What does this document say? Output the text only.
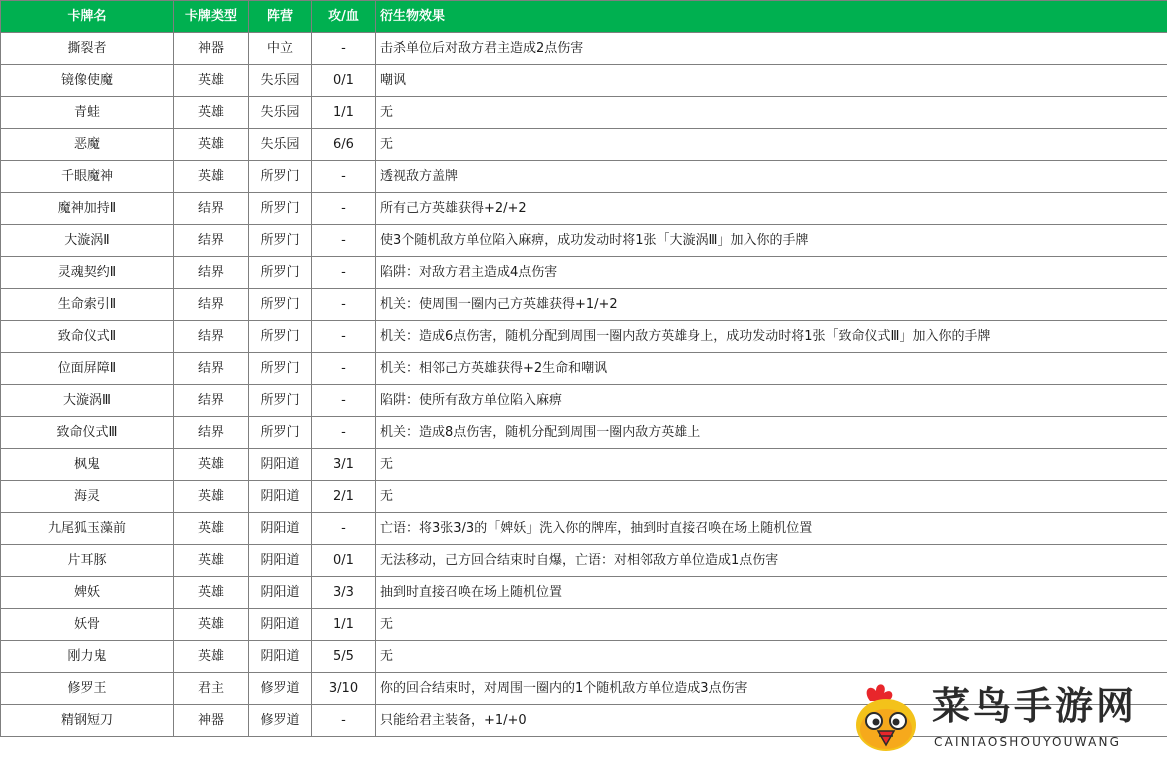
卡牌名	卡牌类型	阵营	攻/血	衍生物效果
撕裂者	神器	中立	-	击杀单位后对敌方君主造成2点伤害
镜像使魔	英雄	失乐园	0/1	嘲讽
青蛙	英雄	失乐园	1/1	无
恶魔	英雄	失乐园	6/6	无
千眼魔神	英雄	所罗门	-	透视敌方盖牌
魔神加持Ⅱ	结界	所罗门	-	所有己方英雄获得+2/+2
大漩涡Ⅱ	结界	所罗门	-	使3个随机敌方单位陷入麻痹，成功发动时将1张「大漩涡Ⅲ」加入你的手牌
灵魂契约Ⅱ	结界	所罗门	-	陷阱：对敌方君主造成4点伤害
生命索引Ⅱ	结界	所罗门	-	机关：使周围一圈内己方英雄获得+1/+2
致命仪式Ⅱ	结界	所罗门	-	机关：造成6点伤害，随机分配到周围一圈内敌方英雄身上，成功发动时将1张「致命仪式Ⅲ」加入你的手牌
位面屏障Ⅱ	结界	所罗门	-	机关：相邻己方英雄获得+2生命和嘲讽
大漩涡Ⅲ	结界	所罗门	-	陷阱：使所有敌方单位陷入麻痹
致命仪式Ⅲ	结界	所罗门	-	机关：造成8点伤害，随机分配到周围一圈内敌方英雄上
枫鬼	英雄	阴阳道	3/1	无
海灵	英雄	阴阳道	2/1	无
九尾狐玉藻前	英雄	阴阳道	-	亡语：将3张3/3的「婢妖」洗入你的牌库，抽到时直接召唤在场上随机位置
片耳豚	英雄	阴阳道	0/1	无法移动，己方回合结束时自爆，亡语：对相邻敌方单位造成1点伤害
婢妖	英雄	阴阳道	3/3	抽到时直接召唤在场上随机位置
妖骨	英雄	阴阳道	1/1	无
刚力鬼	英雄	阴阳道	5/5	无
修罗王	君主	修罗道	3/10	你的回合结束时，对周围一圈内的1个随机敌方单位造成3点伤害
精钢短刀	神器	修罗道	-	只能给君主装备，+1/+0	菜鸟手游网
CAINIAOSHOUYOUWANG
